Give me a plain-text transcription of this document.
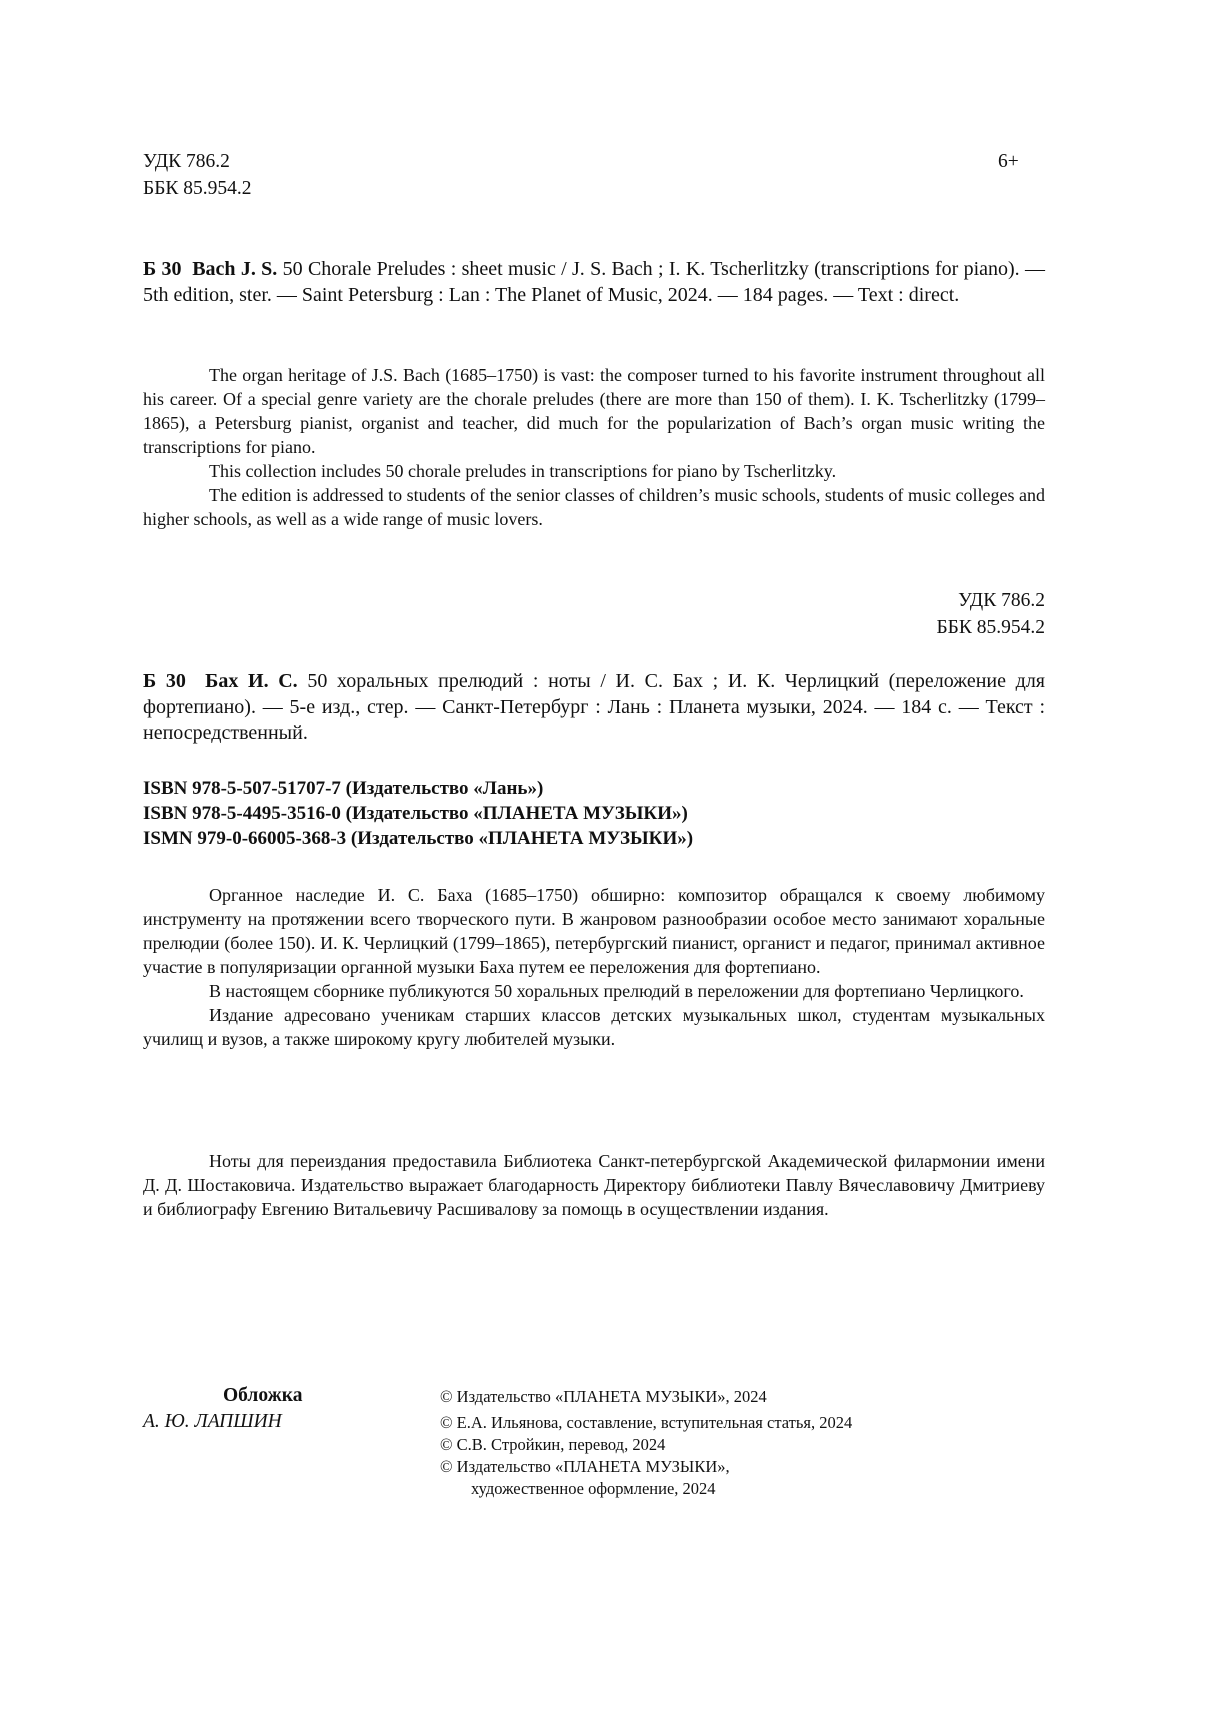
УДК 786.2
ББК 85.954.2
6+
Б 30 Bach J. S. 50 Chorale Preludes : sheet music / J. S. Bach ; I. K. Tscherlitzky (transcriptions for piano). — 5th edition, ster. — Saint Petersburg : Lan : The Planet of Music, 2024. — 184 pages. — Text : direct.

The organ heritage of J.S. Bach (1685–1750) is vast: the composer turned to his favorite instrument throughout all his career. Of a special genre variety are the chorale preludes (there are more than 150 of them). I. K. Tscherlitzky (1799–1865), a Petersburg pianist, organist and teacher, did much for the popularization of Bach’s organ music writing the transcriptions for piano.

This collection includes 50 chorale preludes in transcriptions for piano by Tscherlitzky.

The edition is addressed to students of the senior classes of children’s music schools, students of music colleges and higher schools, as well as a wide range of music lovers.

УДК 786.2
ББК 85.954.2
Б 30 Бах И. С. 50 хоральных прелюдий : ноты / И. С. Бах ; И. К. Черлицкий (переложение для фортепиано). — 5-е изд., стер. — Санкт-Петербург : Лань : Планета музыки, 2024. — 184 с. — Текст : непосредственный.
ISBN 978-5-507-51707-7 (Издательство «Лань»)
ISBN 978-5-4495-3516-0 (Издательство «ПЛАНЕТА МУЗЫКИ»)
ISMN 979-0-66005-368-3 (Издательство «ПЛАНЕТА МУЗЫКИ»)

Органное наследие И. С. Баха (1685–1750) обширно: композитор обращался к своему любимому инструменту на протяжении всего творческого пути. В жанровом разнообразии особое место занимают хоральные прелюдии (более 150). И. К. Черлицкий (1799–1865), петербургский пианист, органист и педагог, принимал активное участие в популяризации органной музыки Баха путем ее переложения для фортепиано.

В настоящем сборнике публикуются 50 хоральных прелюдий в переложении для фортепиано Черлицкого.

Издание адресовано ученикам старших классов детских музыкальных школ, студентам музыкальных училищ и вузов, а также широкому кругу любителей музыки.

Ноты для переиздания предоставила Библиотека Санкт-петербургской Академической филармонии имени Д. Д. Шостаковича. Издательство выражает благодарность Директору библиотеки Павлу Вячеславовичу Дмитриеву и библиографу Евгению Витальевичу Расшивалову за помощь в осуществлении издания.

Обложка
А. Ю. ЛАПШИН
© Издательство «ПЛАНЕТА МУЗЫКИ», 2024
© Е.А. Ильянова, составление, вступительная статья, 2024
© С.В. Стройкин, перевод, 2024
© Издательство «ПЛАНЕТА МУЗЫКИ»,
художественное оформление, 2024
